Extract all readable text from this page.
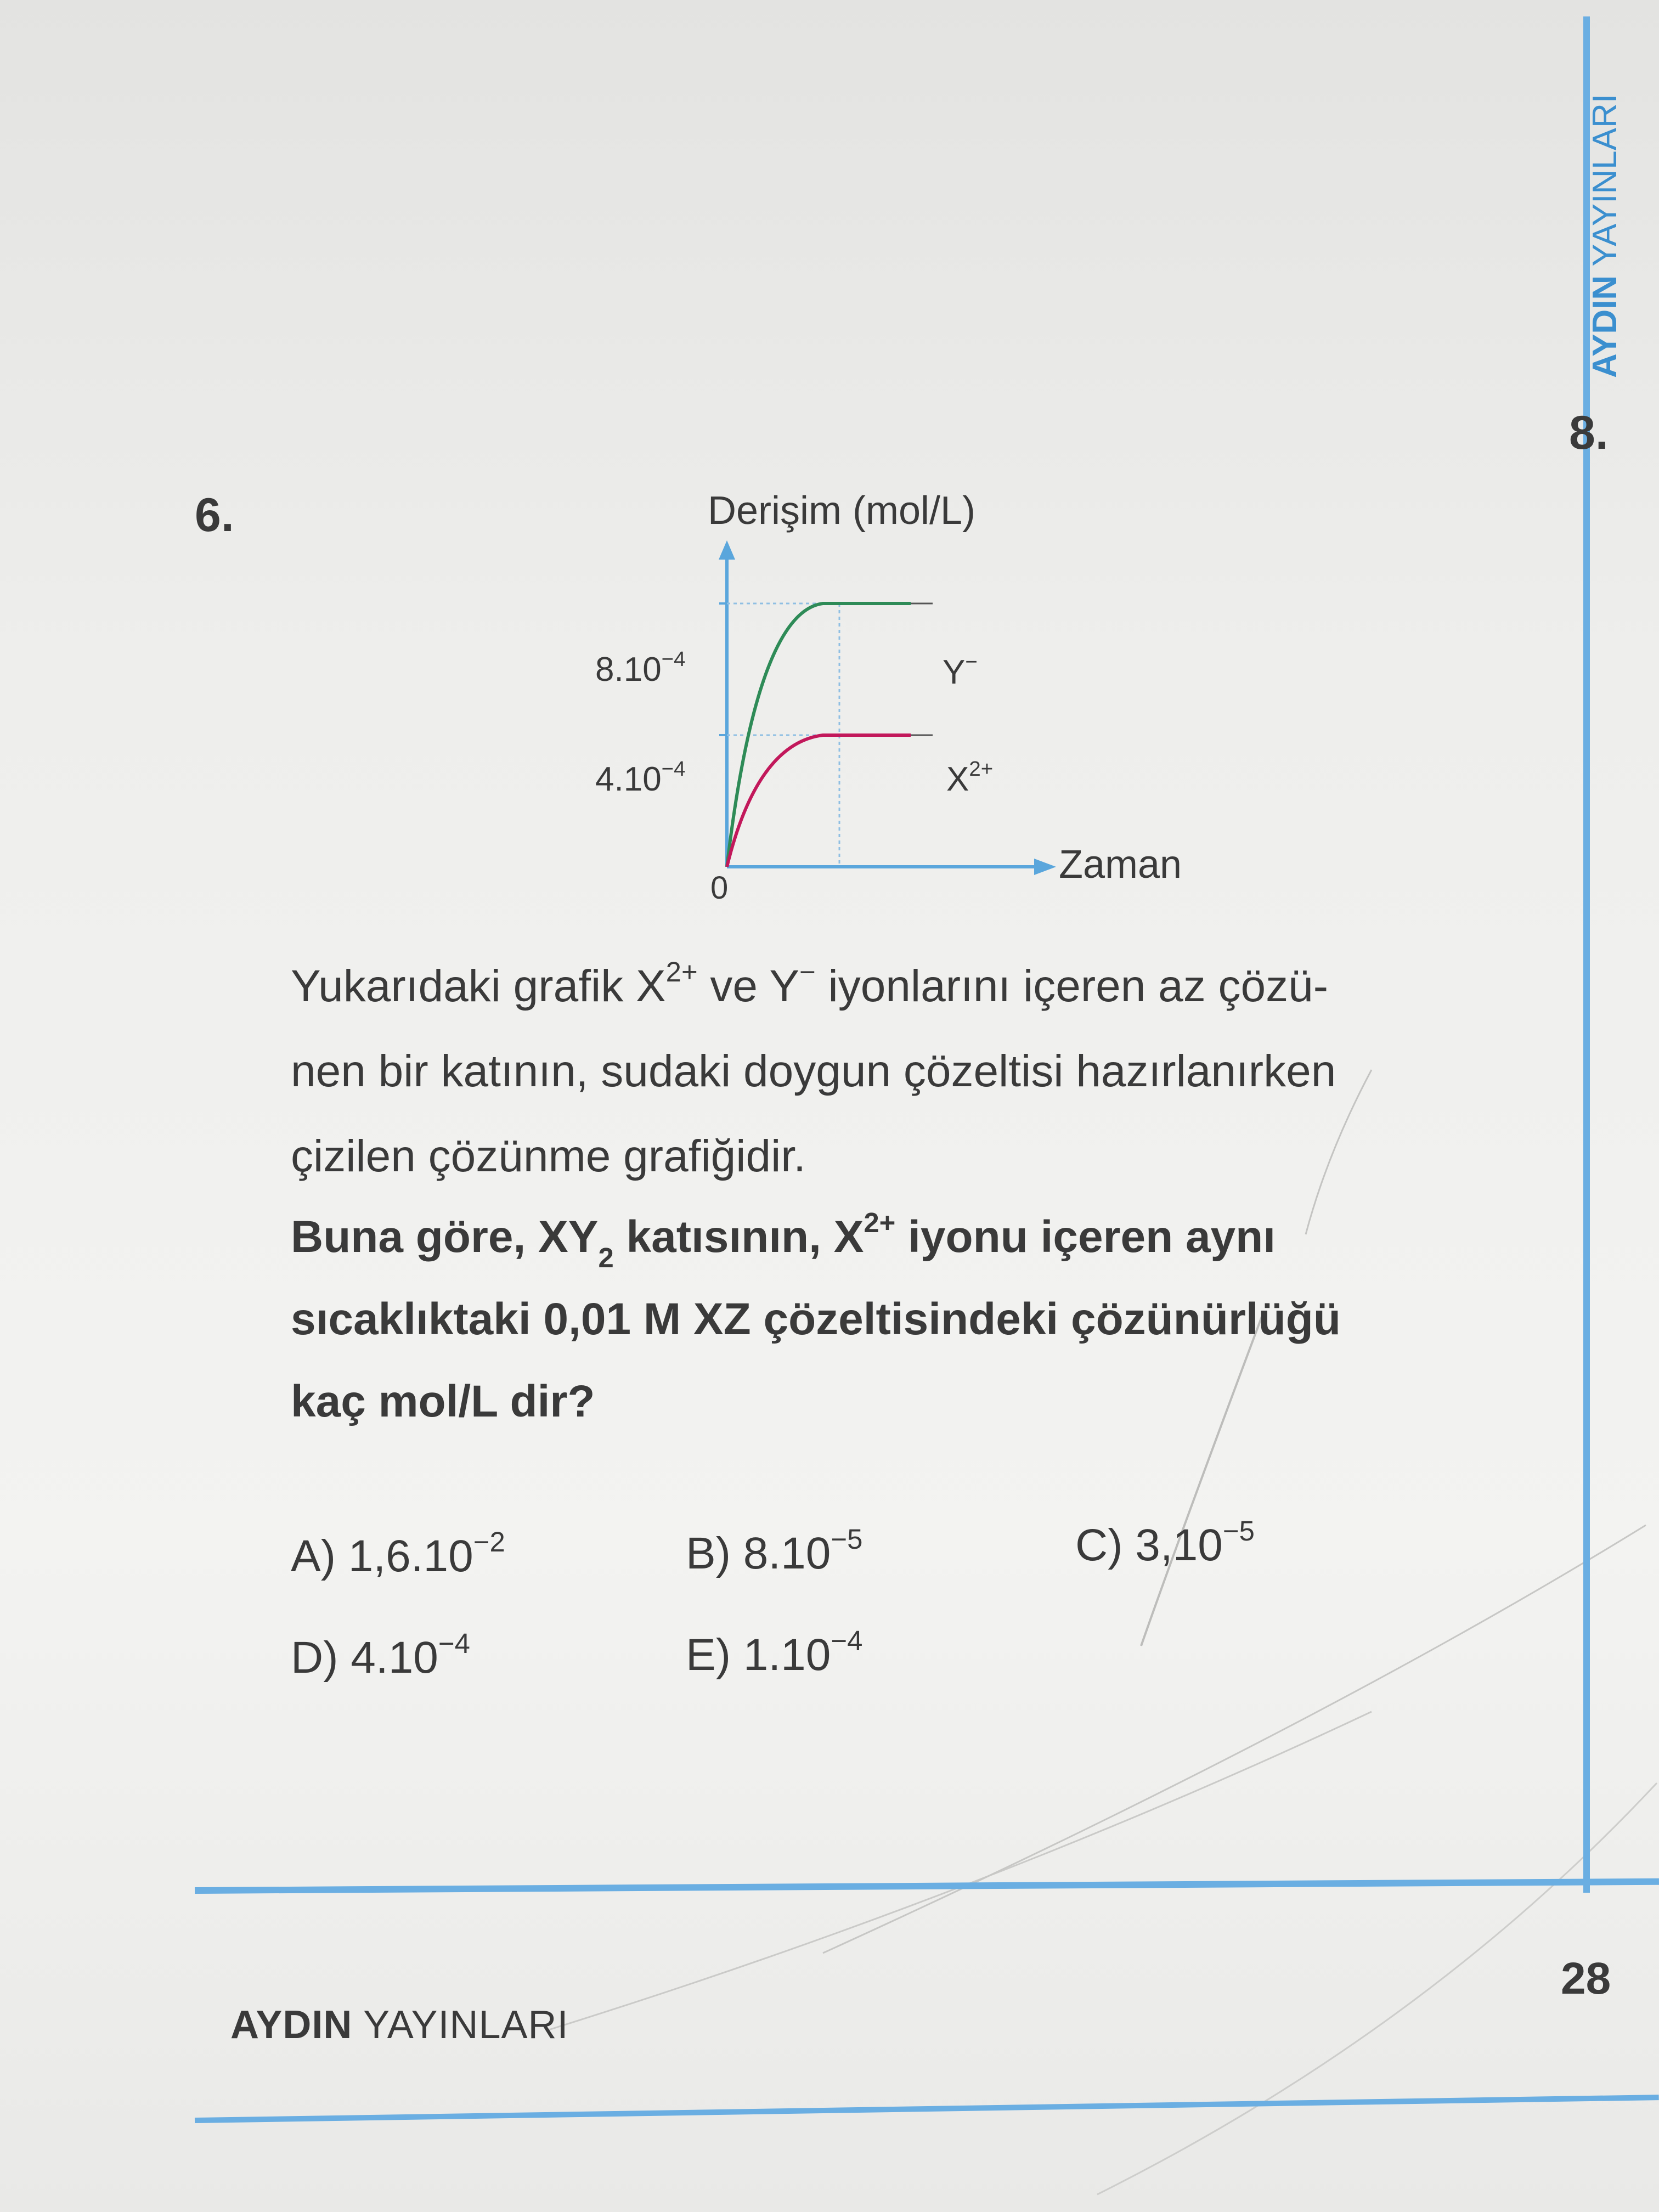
AYDIN YAYINLARI
8.
6.	Derişim (mol/L)
$8.10^{-4}$
$4.10^{-4}$
Y−
$X^{2+}$
0
Zaman
Yukarıdaki grafik $X^{2+}$ ve Y− iyonlarını içeren az çözü-
nen bir katının, sudaki doygun çözeltisi hazırlanırken
çizilen çözünme grafiğidir.
Buna göre, $XY_2$ katısının, $X^{2+}$ iyonu içeren aynı
sıcaklıktaki 0,01 M XZ çözeltisindeki çözünürlüğü
kaç mol/L dir?
A) $1,6.10^{-2}$	B) $8.10^{-5}$	C) $3,10^{-5}$
D) $4.10^{-4}$	E) $1.10^{-4}$
AYDIN YAYINLARI
28
